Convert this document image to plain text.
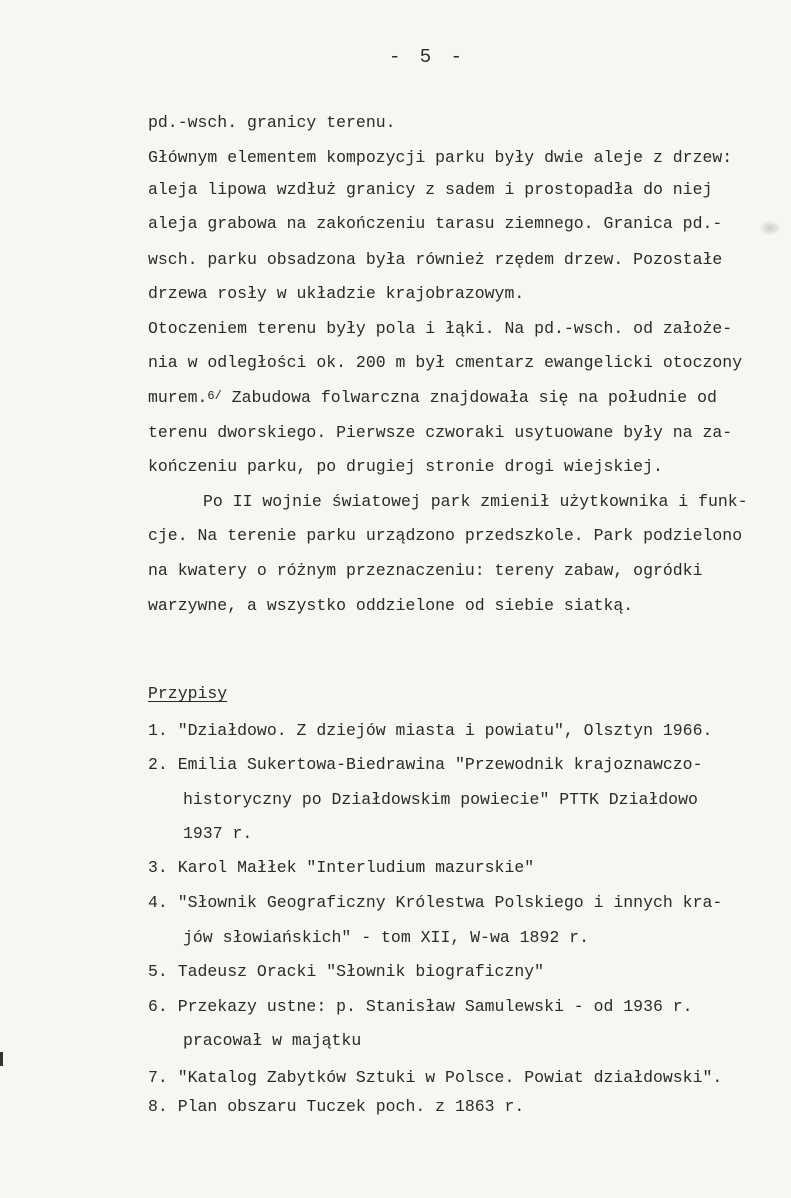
- 5 -
pd.-wsch. granicy terenu.
Głównym elementem kompozycji parku były dwie aleje z drzew:
aleja lipowa wzdłuż granicy z sadem i prostopadła do niej
aleja grabowa na zakończeniu tarasu ziemnego. Granica pd.-
wsch. parku obsadzona była również rzędem drzew. Pozostałe
drzewa rosły w układzie krajobrazowym.
Otoczeniem terenu były pola i łąki. Na pd.-wsch. od założe-
nia w odległości ok. 200 m był cmentarz ewangelicki otoczony
murem.$^{6/}$ Zabudowa folwarczna znajdowała się na południe od
terenu dworskiego. Pierwsze czworaki usytuowane były na za-
kończeniu parku, po drugiej stronie drogi wiejskiej.
Po II wojnie światowej park zmienił użytkownika i funk-
cje. Na terenie parku urządzono przedszkole. Park podzielono
na kwatery o różnym przeznaczeniu: tereny zabaw, ogródki
warzywne, a wszystko oddzielone od siebie siatką.
Przypisy
1. "Działdowo. Z dziejów miasta i powiatu", Olsztyn 1966.
2. Emilia Sukertowa-Biedrawina "Przewodnik krajoznawczo-
historyczny po Działdowskim powiecie" PTTK Działdowo
1937 r.
3. Karol Małłek "Interludium mazurskie"
4. "Słownik Geograficzny Królestwa Polskiego i innych kra-
jów słowiańskich" - tom XII, W-wa 1892 r.
5. Tadeusz Oracki "Słownik biograficzny"
6. Przekazy ustne: p. Stanisław Samulewski - od 1936 r.
pracował w majątku
7. "Katalog Zabytków Sztuki w Polsce. Powiat działdowski".
8. Plan obszaru Tuczek poch. z 1863 r.
